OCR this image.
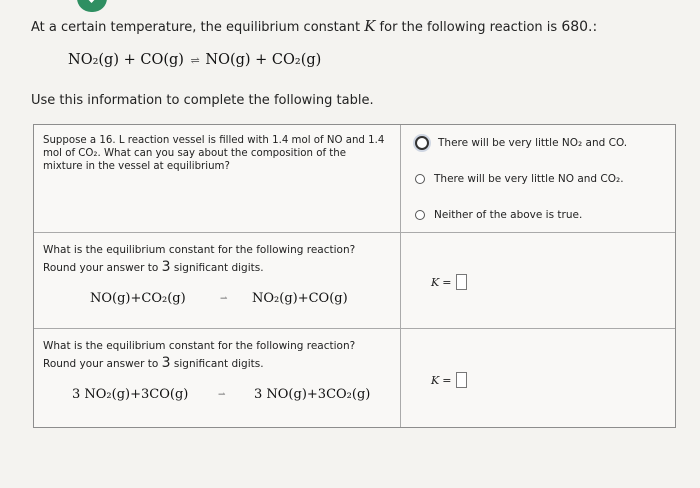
At a certain temperature, the equilibrium constant K for the following reaction is 680.:
NO₂(g) + CO(g) ⇌ NO(g) + CO₂(g)
Use this information to complete the following table.
Suppose a 16. L reaction vessel is filled with 1.4 mol of NO and 1.4 mol of CO₂. What can you say about the composition of the mixture in the vessel at equilibrium?
There will be very little NO₂ and CO.
There will be very little NO and CO₂.
Neither of the above is true.
What is the equilibrium constant for the following reaction?
Round your answer to 3 significant digits.
NO(g)+CO₂(g)	⇀ NO₂(g)+CO(g)
K =
What is the equilibrium constant for the following reaction?
Round your answer to 3 significant digits.
3 NO₂(g)+3CO(g)	⇀ 3 NO(g)+3CO₂(g)
K =
